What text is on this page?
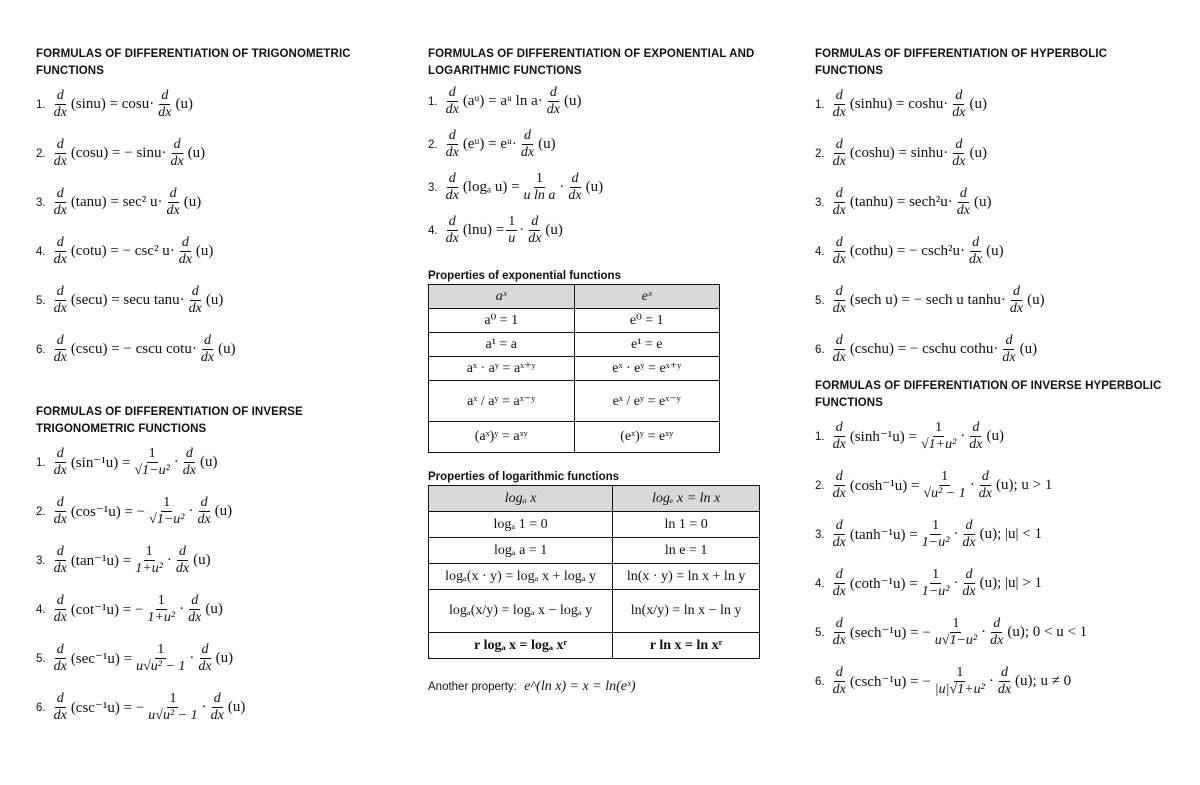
FORMULAS OF DIFFERENTIATION OF TRIGONOMETRIC FUNCTIONS
1. $\frac{d}{dx} (\sin u) = \cos u\cdot \frac{d}{dx} (u)$
2. $\frac{d}{dx} (\cos u)$ = − $\sin u\cdot \frac{d}{dx} (u)$
3. $\frac{d}{dx} (\tan u) = \sec^2$ $u\cdot \frac{d}{dx} (u)$
4. $\frac{d}{dx} (\cot u)$ = − csc² $u\cdot \frac{d}{dx} (u)$
5. $\frac{d}{dx} (\sec u) = \sec u$ $\tan u\cdot \frac{d}{dx} (u)$
6. $\frac{d}{dx} (\csc u)$ = − cscu $\cot u\cdot \frac{d}{dx} (u)$
FORMULAS OF DIFFERENTIATION OF INVERSE TRIGONOMETRIC FUNCTIONS
1. $\frac{d}{dx} (\sin^{-1}u) = \frac{1}{\text{√1−u²}} \cdot \frac{d}{dx} (u)$
2. $\frac{d}{dx} (\cos^{-1}u)$ = − $\frac{1}{\text{√1−u²}} \cdot \frac{d}{dx} (u)$
3. $\frac{d}{dx} (\tan^{-1}u) = \frac{1}{\text{1+u²}} \cdot \frac{d}{dx} (u)$
4. $\frac{d}{dx} (\cot^{-1}u)$ = − $\frac{1}{\text{1+u²}} \cdot \frac{d}{dx} (u)$
5. $\frac{d}{dx} (\sec^{-1}u) = \frac{1}{\text{u√u² − 1}} \cdot \frac{d}{dx} (u)$
6. $\frac{d}{dx} (\csc^{-1}u)$ = − $\frac{1}{\text{u√u² − 1}} \cdot \frac{d}{dx} (u)$
FORMULAS OF DIFFERENTIATION OF EXPONENTIAL AND LOGARITHMIC FUNCTIONS
1. $\frac{d}{dx}$ (aᵘ) = aᵘ $\ln a\cdot \frac{d}{dx} (u)$
2. $\frac{d}{dx}$ (eᵘ) = eᵘ· $\frac{d}{dx} (u)$
3. $\frac{d}{dx} (\log_a$ $u) = \frac{1}{\text{u ln a}} \cdot \frac{d}{dx} (u)$
4. $\frac{d}{dx} (\ln u) = \frac{1}{u} \cdot \frac{d}{dx} (u)$
Properties of exponential functions
aˣ	eˣ
a⁰ = 1	e⁰ = 1
a¹ = a	e¹ = e
aˣ · aʸ = aˣ⁺ʸ	eˣ · eʸ = eˣ⁺ʸ
aˣ / aʸ = aˣ⁻ʸ	eˣ / eʸ = eˣ⁻ʸ
(aˣ)ʸ = aˣʸ	(eˣ)ʸ = eˣʸ
Properties of logarithmic functions
logₐ x	logₑ x = ln x
logₐ 1 = 0	ln 1 = 0
logₐ a = 1	ln e = 1
logₐ(x · y) = logₐ x + logₐ y	ln(x · y) = ln x + ln y
logₐ(x/y) = logₐ x − logₐ y	ln(x/y) = ln x − ln y
r logₐ x = logₐ xʳ	r ln x = ln xʳ
Another property: e^(ln x) = x = ln(eˣ)
FORMULAS OF DIFFERENTIATION OF HYPERBOLIC FUNCTIONS
1. $\frac{d}{dx} (\sinh u) = \cosh u\cdot \frac{d}{dx} (u)$
2. $\frac{d}{dx} (\cosh u) = \sinh u\cdot \frac{d}{dx} (u)$
3. $\frac{d}{dx} (\tanh u) = \sec h^2u\cdot \frac{d}{dx} (u)$
4. $\frac{d}{dx}$ (cothu) = − $\csc h^2u\cdot \frac{d}{dx} (u)$
5. $\frac{d}{dx} (\sec h$ u) = − sech u $\tanh u\cdot \frac{d}{dx} (u)$
6. $\frac{d}{dx}$ (cschu) = − cschu cothu· $\frac{d}{dx} (u)$
FORMULAS OF DIFFERENTIATION OF INVERSE HYPERBOLIC FUNCTIONS
1. $\frac{d}{dx} (\sinh^{-1}u) = \frac{1}{\text{√1+u²}} \cdot \frac{d}{dx} (u)$
2. $\frac{d}{dx} (\cosh^{-1}u) = \frac{1}{\text{√u² − 1}} \cdot \frac{d}{dx} (u)$; u > 1
3. $\frac{d}{dx} (\tanh^{-1}u) = \frac{1}{\text{1−u²}} \cdot \frac{d}{dx} (u)$; |u| < 1
4. $\frac{d}{dx} (\cot h^{-1}u) = \frac{1}{\text{1−u²}} \cdot \frac{d}{dx} (u)$; |u| > 1
5. $\frac{d}{dx} (\sec h^{-1}u)$ = − $\frac{1}{\text{u√1−u²}} \cdot \frac{d}{dx} (u)$; 0 < u < 1
6. $\frac{d}{dx} (\csc h^{-1}u)$ = − $\frac{1}{\text{|u|√1+u²}} \cdot \frac{d}{dx} (u)$; u ≠ 0
